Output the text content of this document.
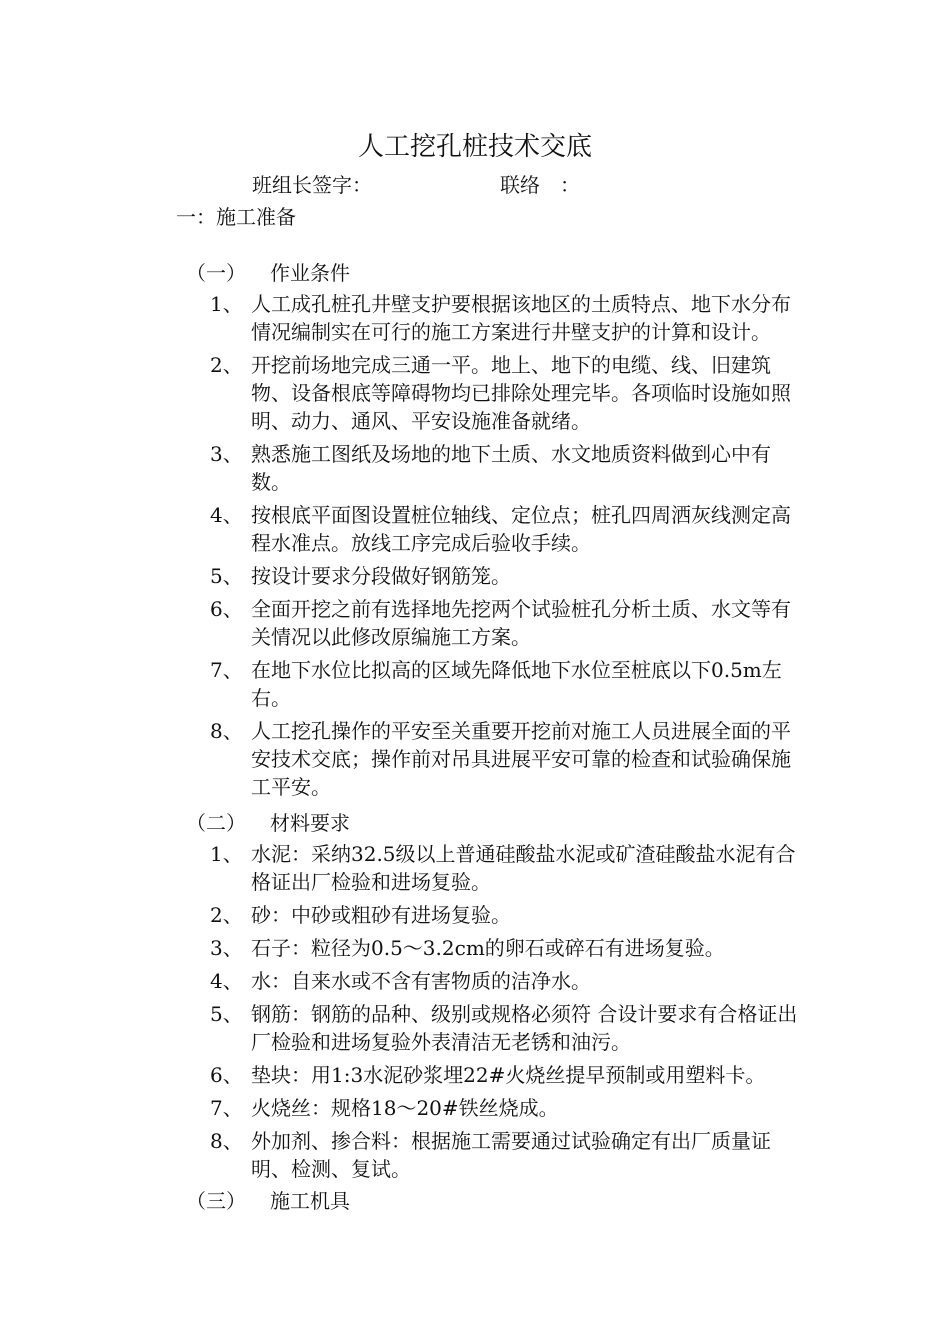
人工挖孔桩技术交底
班组长签字：	联络　：
一：施工准备
（一） 作业条件
1、 人工成孔桩孔井壁支护要根据该地区的土质特点、地下水分布情况编制实在可行的施工方案进行井壁支护的计算和设计。
2、 开挖前场地完成三通一平。地上、地下的电缆、线、旧建筑物、设备根底等障碍物均已排除处理完毕。各项临时设施如照明、动力、通风、平安设施准备就绪。
3、 熟悉施工图纸及场地的地下土质、水文地质资料做到心中有数。
4、 按根底平面图设置桩位轴线、定位点；桩孔四周洒灰线测定高程水准点。放线工序完成后验收手续。
5、 按设计要求分段做好钢筋笼。
6、 全面开挖之前有选择地先挖两个试验桩孔分析土质、水文等有关情况以此修改原编施工方案。
7、 在地下水位比拟高的区域先降低地下水位至桩底以下0.5m左右。
8、 人工挖孔操作的平安至关重要开挖前对施工人员进展全面的平安技术交底；操作前对吊具进展平安可靠的检查和试验确保施工平安。
（二） 材料要求
1、 水泥：采纳32.5级以上普通硅酸盐水泥或矿渣硅酸盐水泥有合格证出厂检验和进场复验。
2、 砂：中砂或粗砂有进场复验。
3、 石子：粒径为0.5～3.2cm的卵石或碎石有进场复验。
4、 水：自来水或不含有害物质的洁净水。
5、 钢筋：钢筋的品种、级别或规格必须符 合设计要求有合格证出厂检验和进场复验外表清洁无老锈和油污。
6、 垫块：用1:3水泥砂浆埋22#火烧丝提早预制或用塑料卡。
7、 火烧丝：规格18～20#铁丝烧成。
8、 外加剂、掺合料：根据施工需要通过试验确定有出厂质量证明、检测、复试。
（三） 施工机具
